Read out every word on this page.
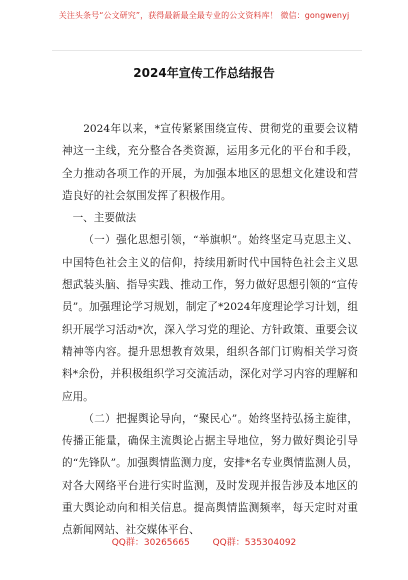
关注头条号“公文研究”，获得最新最全最专业的公文资料库！ 微信：gongwenyj
2024年宣传工作总结报告

2024年以来，*宣传紧紧围绕宣传、贯彻党的重要会议精神这一主线，充分整合各类资源，运用多元化的平台和手段，全力推动各项工作的开展，为加强本地区的思想文化建设和营造良好的社会氛围发挥了积极作用。

一、主要做法

（一）强化思想引领，“举旗帜”。始终坚定马克思主义、中国特色社会主义的信仰，持续用新时代中国特色社会主义思想武装头脑、指导实践、推动工作，努力做好思想引领的“宣传员”。加强理论学习规划，制定了*2024年度理论学习计划，组织开展学习活动*次，深入学习党的理论、方针政策、重要会议精神等内容。提升思想教育效果，组织各部门订购相关学习资料*余份，并积极组织学习交流活动，深化对学习内容的理解和应用。

（二）把握舆论导向，“聚民心”。始终坚持弘扬主旋律，传播正能量，确保主流舆论占据主导地位，努力做好舆论引导的“先锋队”。加强舆情监测力度，安排*名专业舆情监测人员，对各大网络平台进行实时监测，及时发现并报告涉及本地区的重大舆论动向和相关信息。提高舆情监测频率，每天定时对重点新闻网站、社交媒体平台、

QQ群：30265665	QQ群：535304092
